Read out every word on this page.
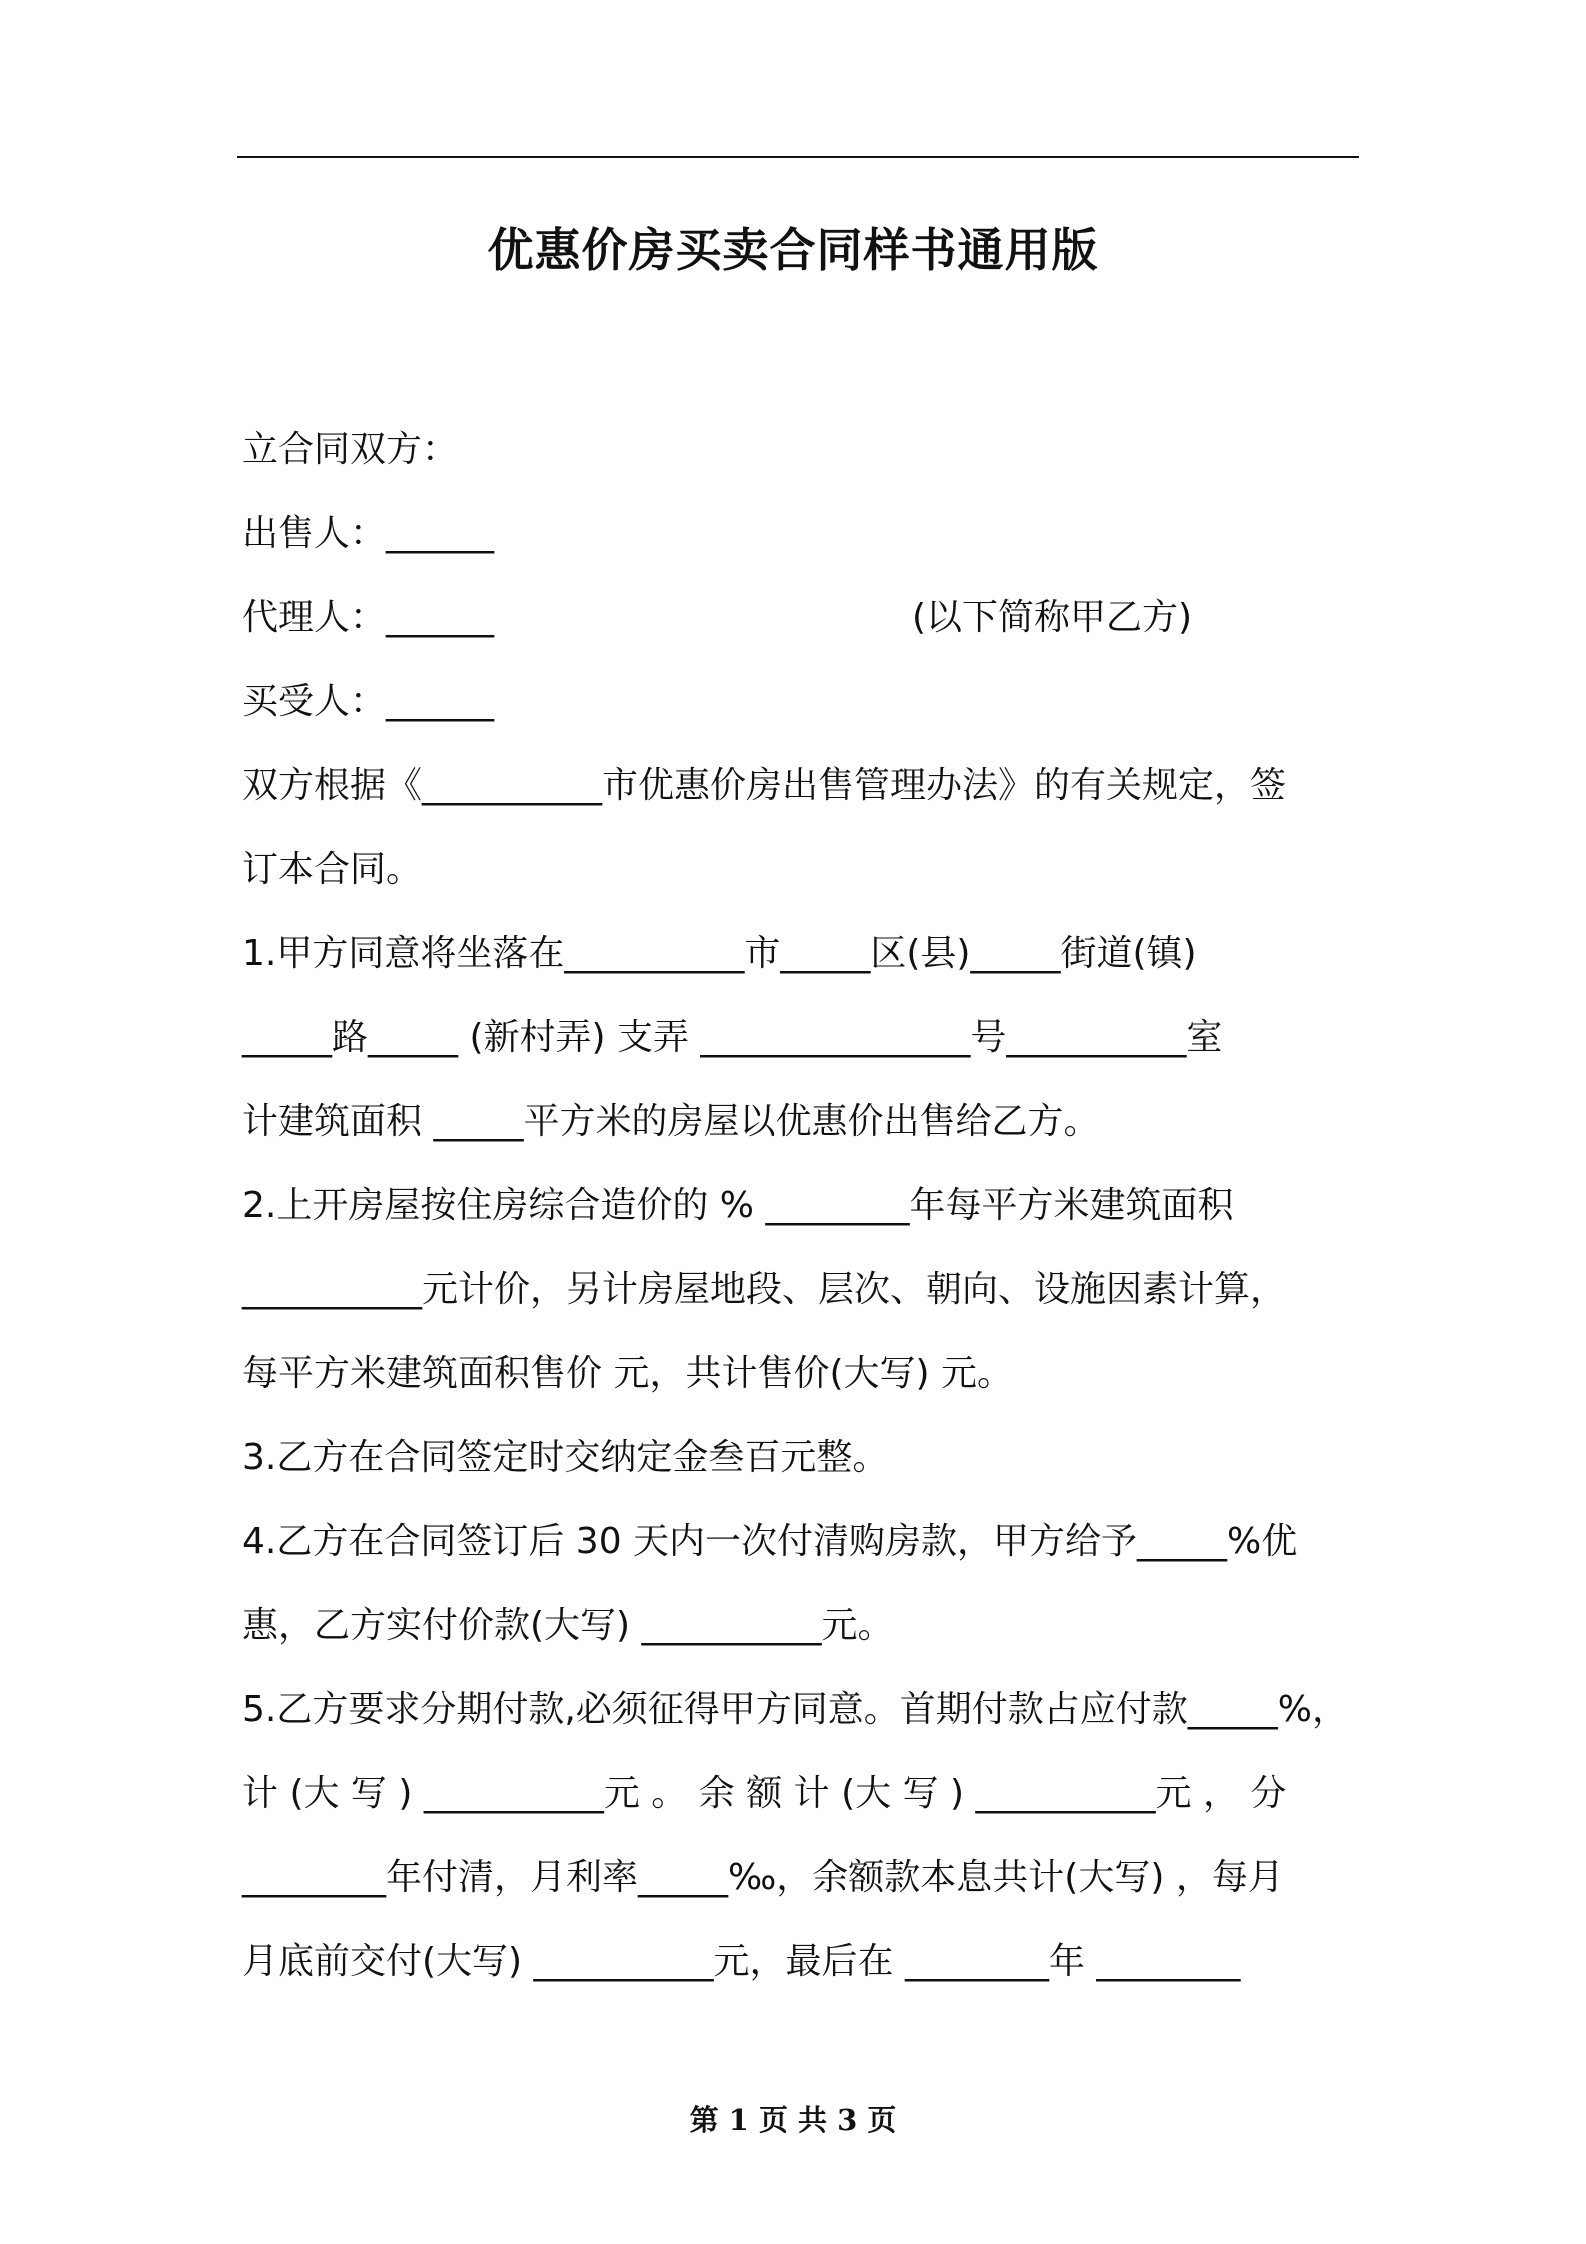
优惠价房买卖合同样书通用版
立合同双方：
出售人：______
代理人：______	(以下简称甲乙方)
买受人：______
双方根据《__________市优惠价房出售管理办法》的有关规定，签
订本合同。
1.甲方同意将坐落在__________市_____区(县)_____街道(镇)
_____路_____ (新村弄) 支弄 _______________号__________室
计建筑面积 _____平方米的房屋以优惠价出售给乙方。
2.上开房屋按住房综合造价的 % ________年每平方米建筑面积
__________元计价，另计房屋地段、层次、朝向、设施因素计算，
每平方米建筑面积售价 元，共计售价(大写) 元。
3.乙方在合同签定时交纳定金叁百元整。
4.乙方在合同签订后 30 天内一次付清购房款，甲方给予_____%优
惠，乙方实付价款(大写) __________元。
5.乙方要求分期付款,必须征得甲方同意。首期付款占应付款_____%，
计 (大 写 ) __________元 。 余 额 计 (大 写 ) __________元 ， 分
________年付清，月利率_____‰，余额款本息共计(大写) ，每月
月底前交付(大写) __________元，最后在 ________年 ________
第 1 页 共 3 页
